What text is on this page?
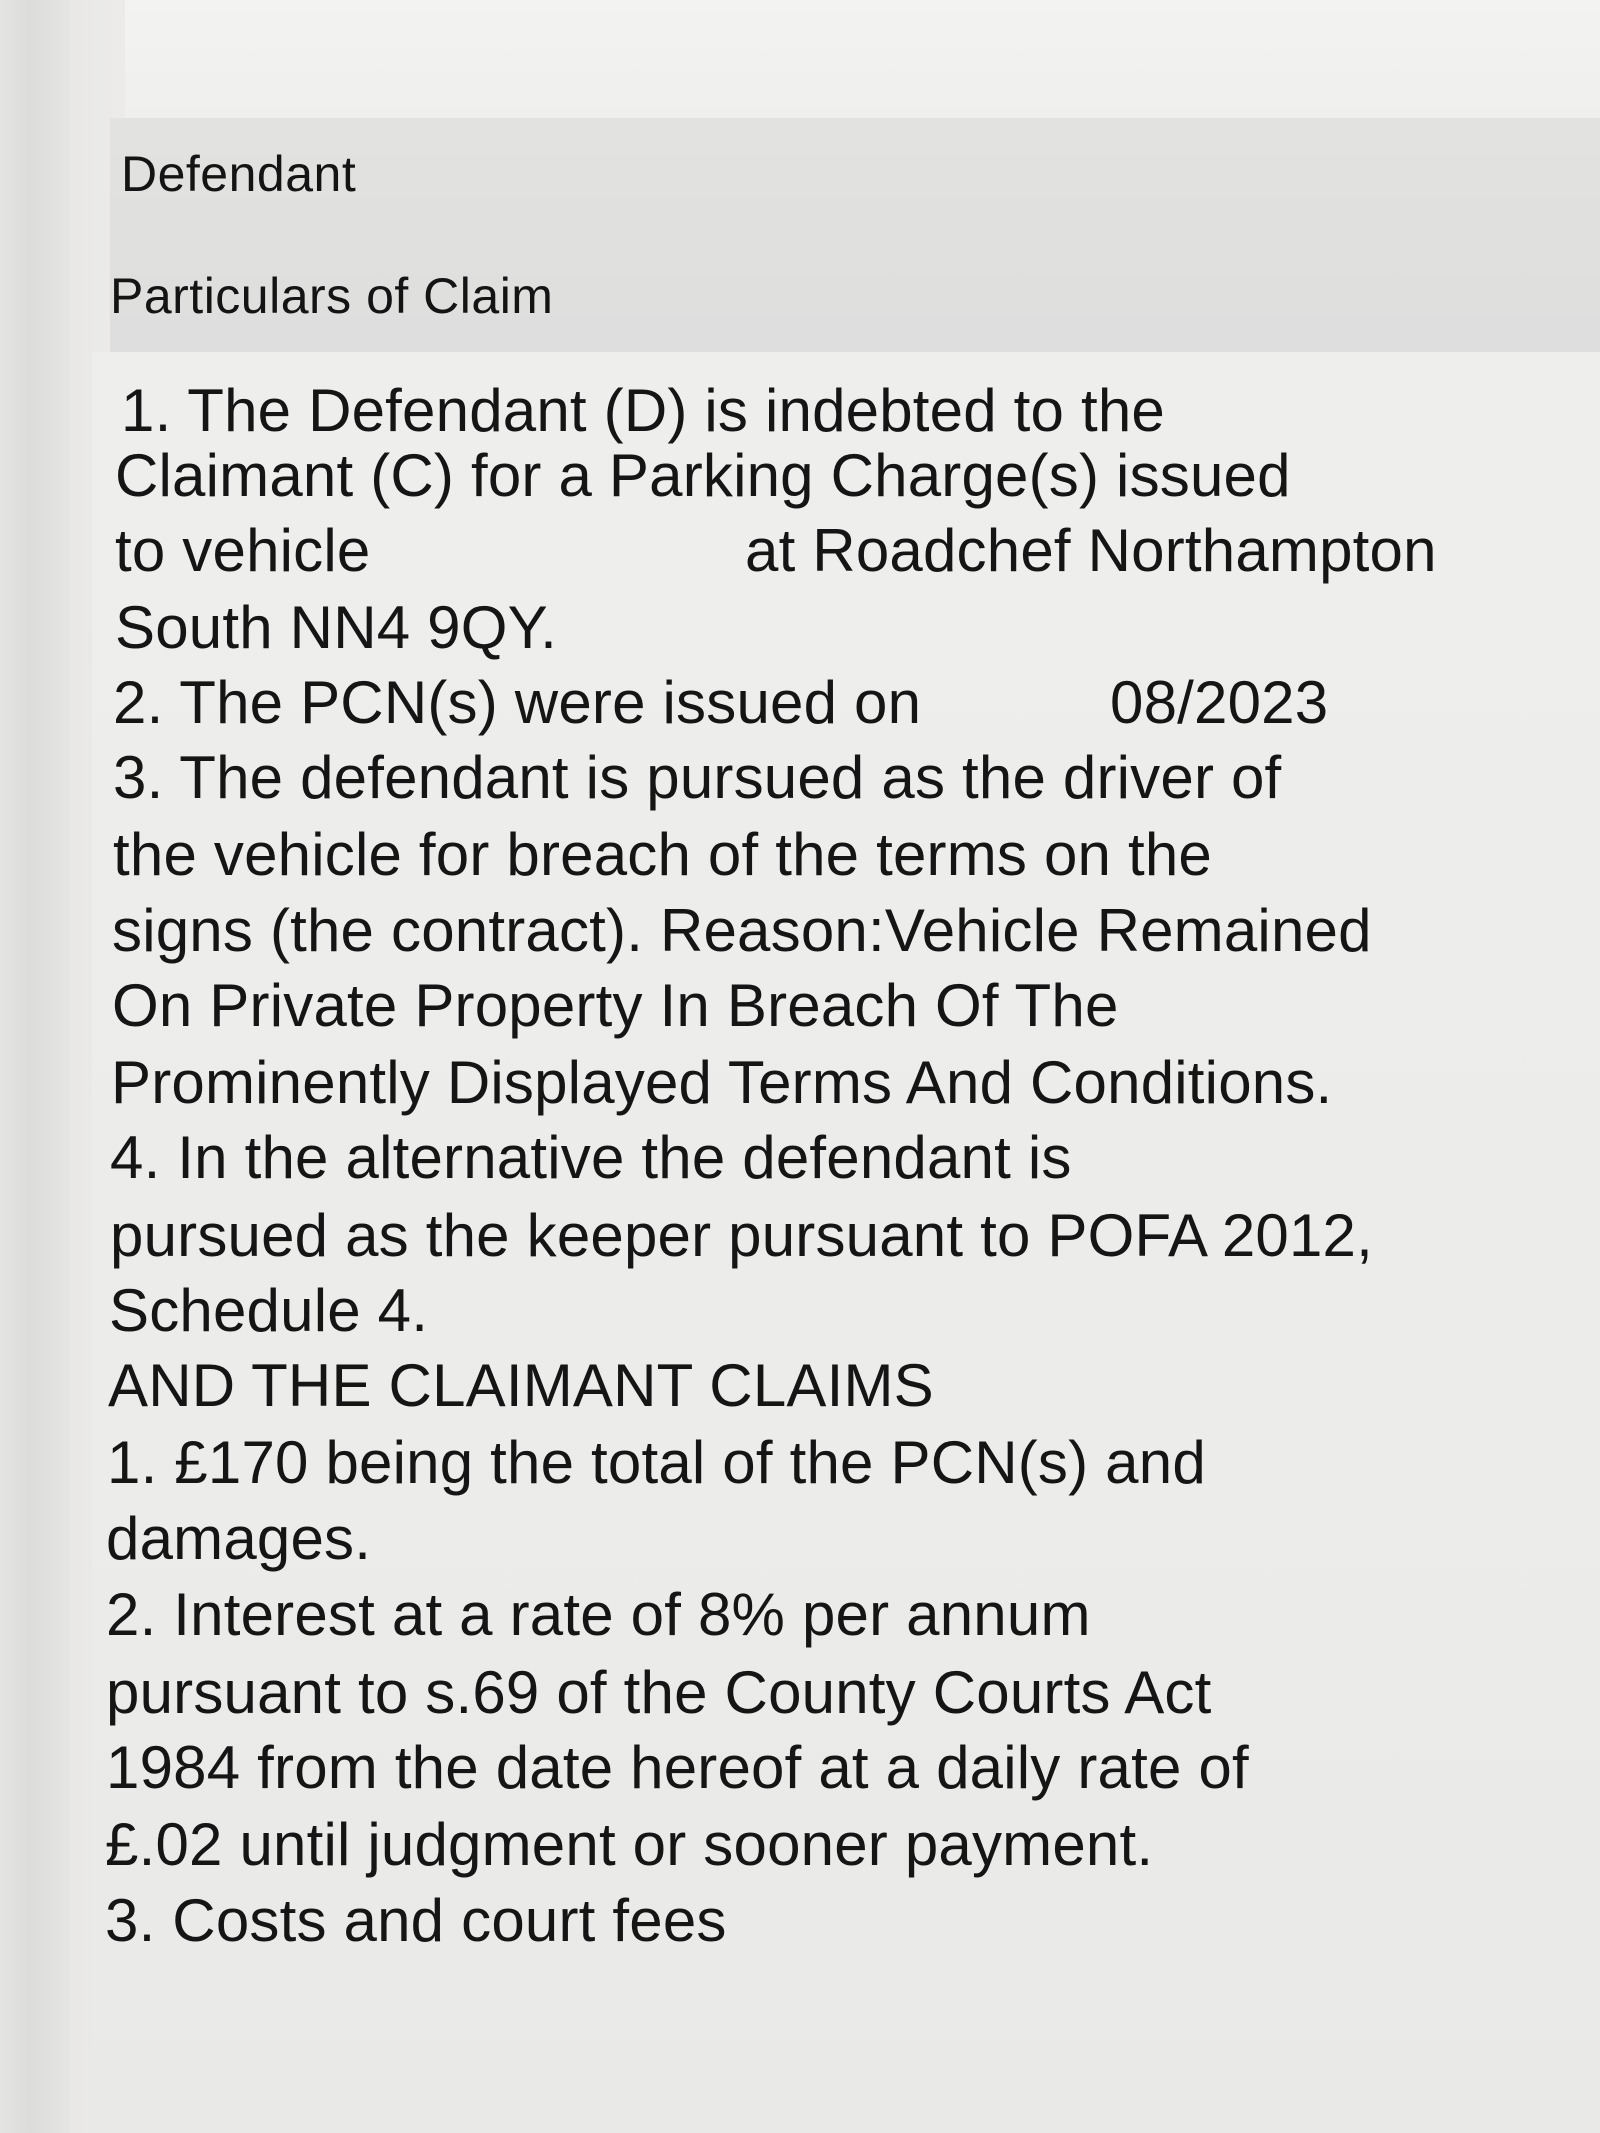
Defendant
Particulars of Claim
1. The Defendant (D) is indebted to the
Claimant (C) for a Parking Charge(s) issued
to vehicle	at Roadchef Northampton
South NN4 9QY.
2. The PCN(s) were issued on	08/2023
3. The defendant is pursued as the driver of
the vehicle for breach of the terms on the
signs (the contract). Reason:Vehicle Remained
On Private Property In Breach Of The
Prominently Displayed Terms And Conditions.
4. In the alternative the defendant is
pursued as the keeper pursuant to POFA 2012,
Schedule 4.
AND THE CLAIMANT CLAIMS
1. £170 being the total of the PCN(s) and
damages.
2. Interest at a rate of 8% per annum
pursuant to s.69 of the County Courts Act
1984 from the date hereof at a daily rate of
£.02 until judgment or sooner payment.
3. Costs and court fees
